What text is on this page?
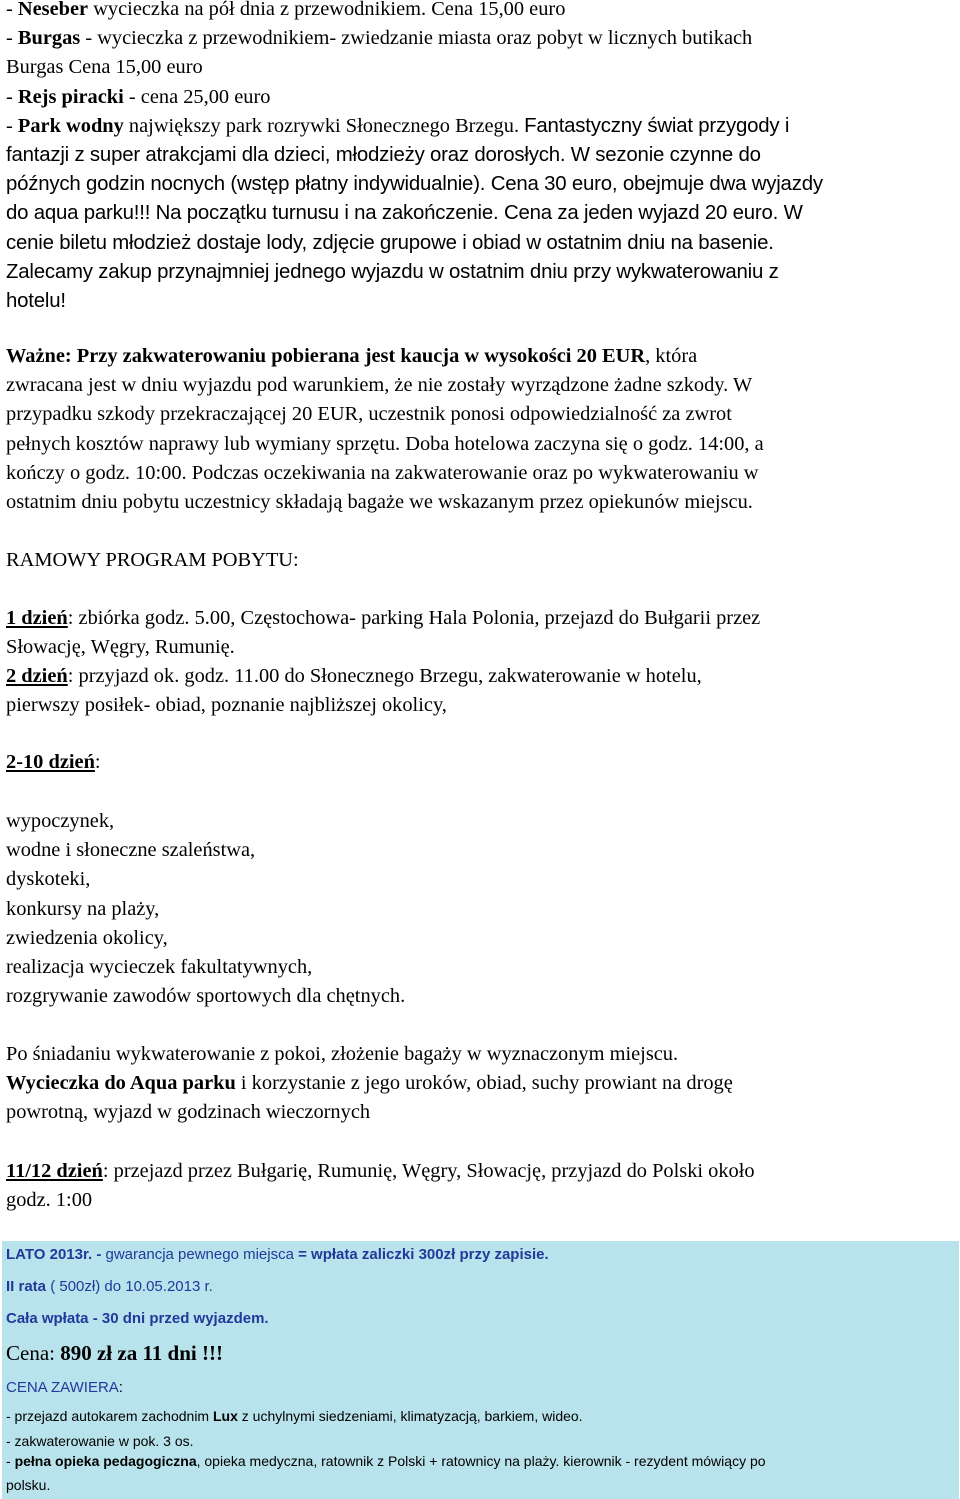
- Neseber wycieczka na pół dnia z przewodnikiem. Cena 15,00 euro
- Burgas - wycieczka z przewodnikiem- zwiedzanie miasta oraz pobyt w licznych butikach
Burgas Cena 15,00 euro
- Rejs piracki - cena 25,00 euro
- Park wodny największy park rozrywki Słonecznego Brzegu. Fantastyczny świat przygody i
fantazji z super atrakcjami dla dzieci, młodzieży oraz dorosłych. W sezonie czynne do
późnych godzin nocnych (wstęp płatny indywidualnie). Cena 30 euro, obejmuje dwa wyjazdy
do aqua parku!!! Na początku turnusu i na zakończenie. Cena za jeden wyjazd 20 euro. W
cenie biletu młodzież dostaje lody, zdjęcie grupowe i obiad w ostatnim dniu na basenie.
Zalecamy zakup przynajmniej jednego wyjazdu w ostatnim dniu przy wykwaterowaniu z
hotelu!
Ważne: Przy zakwaterowaniu pobierana jest kaucja w wysokości 20 EUR, która
zwracana jest w dniu wyjazdu pod warunkiem, że nie zostały wyrządzone żadne szkody. W
przypadku szkody przekraczającej 20 EUR, uczestnik ponosi odpowiedzialność za zwrot
pełnych kosztów naprawy lub wymiany sprzętu. Doba hotelowa zaczyna się o godz. 14:00, a
kończy o godz. 10:00. Podczas oczekiwania na zakwaterowanie oraz po wykwaterowaniu w
ostatnim dniu pobytu uczestnicy składają bagaże we wskazanym przez opiekunów miejscu.
RAMOWY PROGRAM POBYTU:
1 dzień: zbiórka godz. 5.00, Częstochowa- parking Hala Polonia, przejazd do Bułgarii przez
Słowację, Węgry, Rumunię.
2 dzień: przyjazd ok. godz. 11.00 do Słonecznego Brzegu, zakwaterowanie w hotelu,
pierwszy posiłek- obiad, poznanie najbliższej okolicy,
2-10 dzień:
wypoczynek,
wodne i słoneczne szaleństwa,
dyskoteki,
konkursy na plaży,
zwiedzenia okolicy,
realizacja wycieczek fakultatywnych,
rozgrywanie zawodów sportowych dla chętnych.
Po śniadaniu wykwaterowanie z pokoi, złożenie bagaży w wyznaczonym miejscu.
Wycieczka do Aqua parku i korzystanie z jego uroków, obiad, suchy prowiant na drogę
powrotną, wyjazd w godzinach wieczornych
11/12 dzień: przejazd przez Bułgarię, Rumunię, Węgry, Słowację, przyjazd do Polski około
godz. 1:00
LATO 2013r. - gwarancja pewnego miejsca = wpłata zaliczki 300zł przy zapisie.
II rata ( 500zł) do 10.05.2013 r.
Cała wpłata - 30 dni przed wyjazdem.
Cena: 890 zł za 11 dni !!!
CENA ZAWIERA:
- przejazd autokarem zachodnim Lux z uchylnymi siedzeniami, klimatyzacją, barkiem, wideo.
- zakwaterowanie w pok. 3 os.
- pełna opieka pedagogiczna, opieka medyczna, ratownik z Polski + ratownicy na plaży. kierownik - rezydent mówiący po
polsku.
